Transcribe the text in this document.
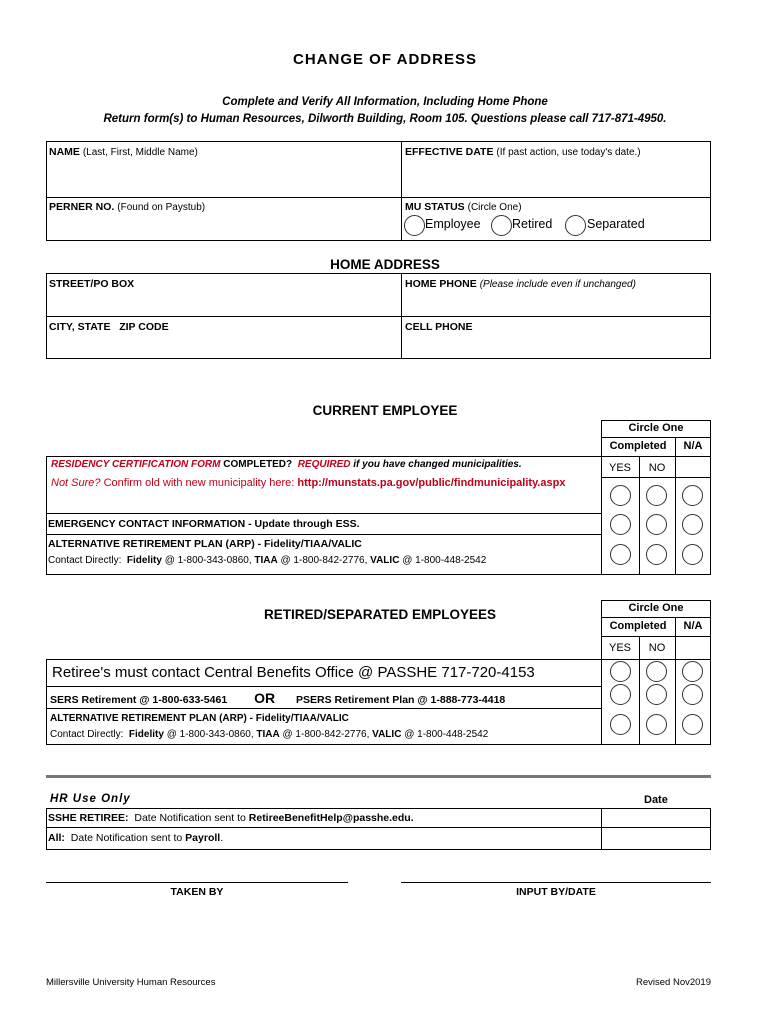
CHANGE OF ADDRESS
Complete and Verify All Information, Including Home Phone
Return form(s) to Human Resources, Dilworth Building, Room 105. Questions please call 717-871-4950.
NAME (Last, First, Middle Name)	EFFECTIVE DATE (If past action, use today's date.)
PERNER NO. (Found on Paystub)	MU STATUS (Circle One)
Employee	Retired	Separated
HOME ADDRESS
STREET/PO BOX	HOME PHONE (Please include even if unchanged)
CITY, STATE   ZIP CODE	CELL PHONE
CURRENT EMPLOYEE
Circle One
Completed	N/A
YES	NO
RESIDENCY CERTIFICATION FORM COMPLETED? REQUIRED if you have changed municipalities.
Not Sure? Confirm old with new municipality here: http://munstats.pa.gov/public/findmunicipality.aspx
EMERGENCY CONTACT INFORMATION - Update through ESS.
ALTERNATIVE RETIREMENT PLAN (ARP) - Fidelity/TIAA/VALIC
Contact Directly: Fidelity @ 1-800-343-0860, TIAA @ 1-800-842-2776, VALIC @ 1-800-448-2542
RETIRED/SEPARATED EMPLOYEES	Circle One
Completed	N/A
YES	NO
Retiree's must contact Central Benefits Office @ PASSHE 717-720-4153
SERS Retirement @ 1-800-633-5461 OR PSERS Retirement Plan @ 1-888-773-4418
ALTERNATIVE RETIREMENT PLAN (ARP) - Fidelity/TIAA/VALIC
Contact Directly: Fidelity @ 1-800-343-0860, TIAA @ 1-800-842-2776, VALIC @ 1-800-448-2542
HR Use Only	Date
SSHE RETIREE: Date Notification sent to RetireeBenefitHelp@passhe.edu.
All: Date Notification sent to Payroll.
TAKEN BY	INPUT BY/DATE
Millersville University Human Resources	Revised Nov2019
